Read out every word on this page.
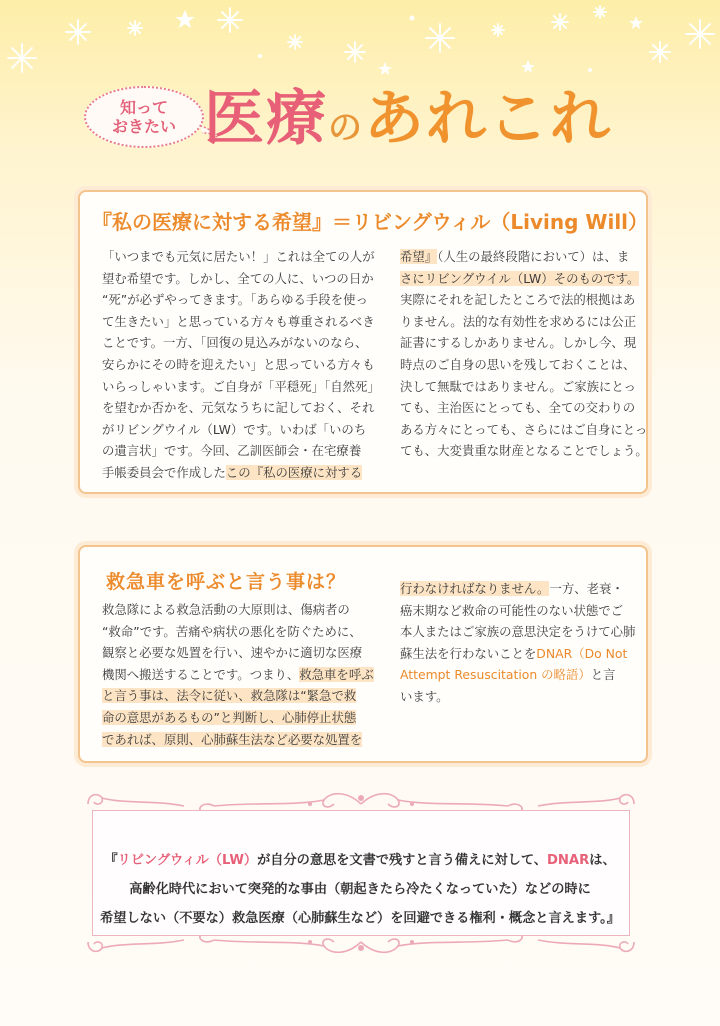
知って
おきたい 医療のあれこれ
『私の医療に対する希望』＝リビングウィル（Living Will）
「いつまでも元気に居たい！」これは全ての人が
望む希望です。しかし、全ての人に、いつの日か
“死”が必ずやってきます。「あらゆる手段を使っ
て生きたい」と思っている方々も尊重されるべき
ことです。一方、「回復の見込みがないのなら、
安らかにその時を迎えたい」と思っている方々も
いらっしゃいます。ご自身が「平穏死」「自然死」
を望むか否かを、元気なうちに記しておく、それ
がリビングウイル（LW）です。いわば「いのち
の遺言状」です。今回、乙訓医師会・在宅療養
手帳委員会で作成したこの『私の医療に対する
希望』（人生の最終段階において）は、ま
さにリビングウイル（LW）そのものです。
実際にそれを記したところで法的根拠はあ
りません。法的な有効性を求めるには公正
証書にするしかありません。しかし今、現
時点のご自身の思いを残しておくことは、
決して無駄ではありません。ご家族にとっ
ても、主治医にとっても、全ての交わりの
ある方々にとっても、さらにはご自身にとっ
ても、大変貴重な財産となることでしょう。
救急車を呼ぶと言う事は？
救急隊による救急活動の大原則は、傷病者の
“救命”です。苦痛や病状の悪化を防ぐために、
観察と必要な処置を行い、速やかに適切な医療
機関へ搬送することです。つまり、救急車を呼ぶ
と言う事は、法令に従い、救急隊は“緊急で救
命の意思があるもの”と判断し、心肺停止状態
であれば、原則、心肺蘇生法など必要な処置を
行わなければなりません。一方、老衰・
癌末期など救命の可能性のない状態でご
本人またはご家族の意思決定をうけて心肺
蘇生法を行わないことをDNAR（Do Not
Attempt Resuscitation の略語）と言
います。
『リビングウィル（LW）が自分の意思を文書で残すと言う備えに対して、DNARは、
高齢化時代において突発的な事由（朝起きたら冷たくなっていた）などの時に
希望しない（不要な）救急医療（心肺蘇生など）を回避できる権利・概念と言えます。』
